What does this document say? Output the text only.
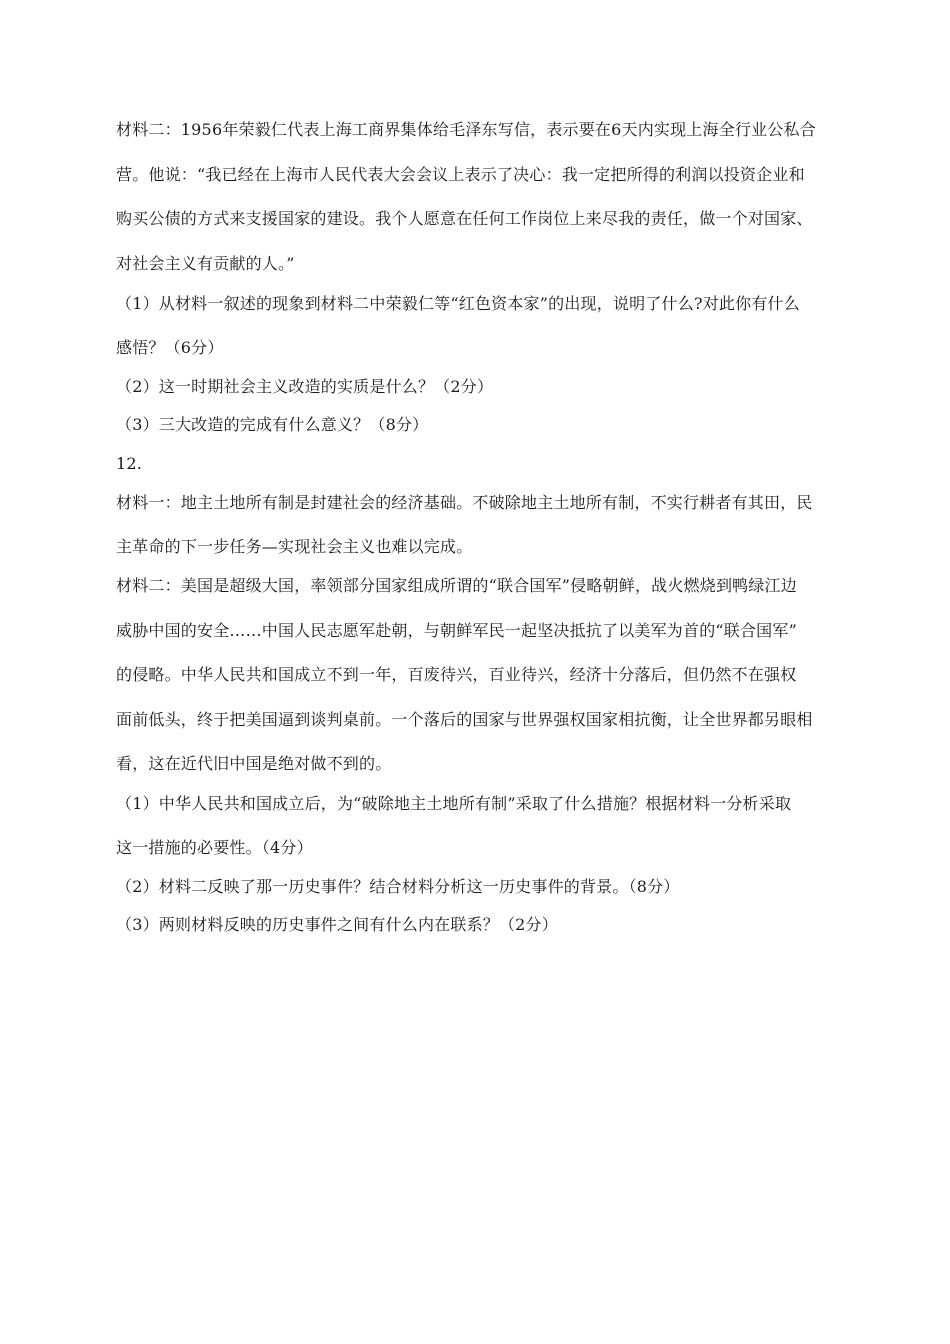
材料二：1956年荣毅仁代表上海工商界集体给毛泽东写信，表示要在6天内实现上海全行业公私合
营。他说：“我已经在上海市人民代表大会会议上表示了决心：我一定把所得的利润以投资企业和
购买公债的方式来支援国家的建设。我个人愿意在任何工作岗位上来尽我的责任，做一个对国家、
对社会主义有贡献的人。”
（1）从材料一叙述的现象到材料二中荣毅仁等“红色资本家”的出现，说明了什么?对此你有什么
感悟？（6分）
（2）这一时期社会主义改造的实质是什么？（2分）
（3）三大改造的完成有什么意义？（8分）
12.
材料一：地主土地所有制是封建社会的经济基础。不破除地主土地所有制，不实行耕者有其田，民
主革命的下一步任务—实现社会主义也难以完成。
材料二：美国是超级大国，率领部分国家组成所谓的“联合国军”侵略朝鲜，战火燃烧到鸭绿江边
威胁中国的安全……中国人民志愿军赴朝，与朝鲜军民一起坚决抵抗了以美军为首的“联合国军”
的侵略。中华人民共和国成立不到一年，百废待兴，百业待兴，经济十分落后，但仍然不在强权
面前低头，终于把美国逼到谈判桌前。一个落后的国家与世界强权国家相抗衡，让全世界都另眼相
看，这在近代旧中国是绝对做不到的。
（1）中华人民共和国成立后，为“破除地主土地所有制”采取了什么措施？根据材料一分析采取
这一措施的必要性。（4分）
（2）材料二反映了那一历史事件？结合材料分析这一历史事件的背景。（8分）
（3）两则材料反映的历史事件之间有什么内在联系？（2分）
